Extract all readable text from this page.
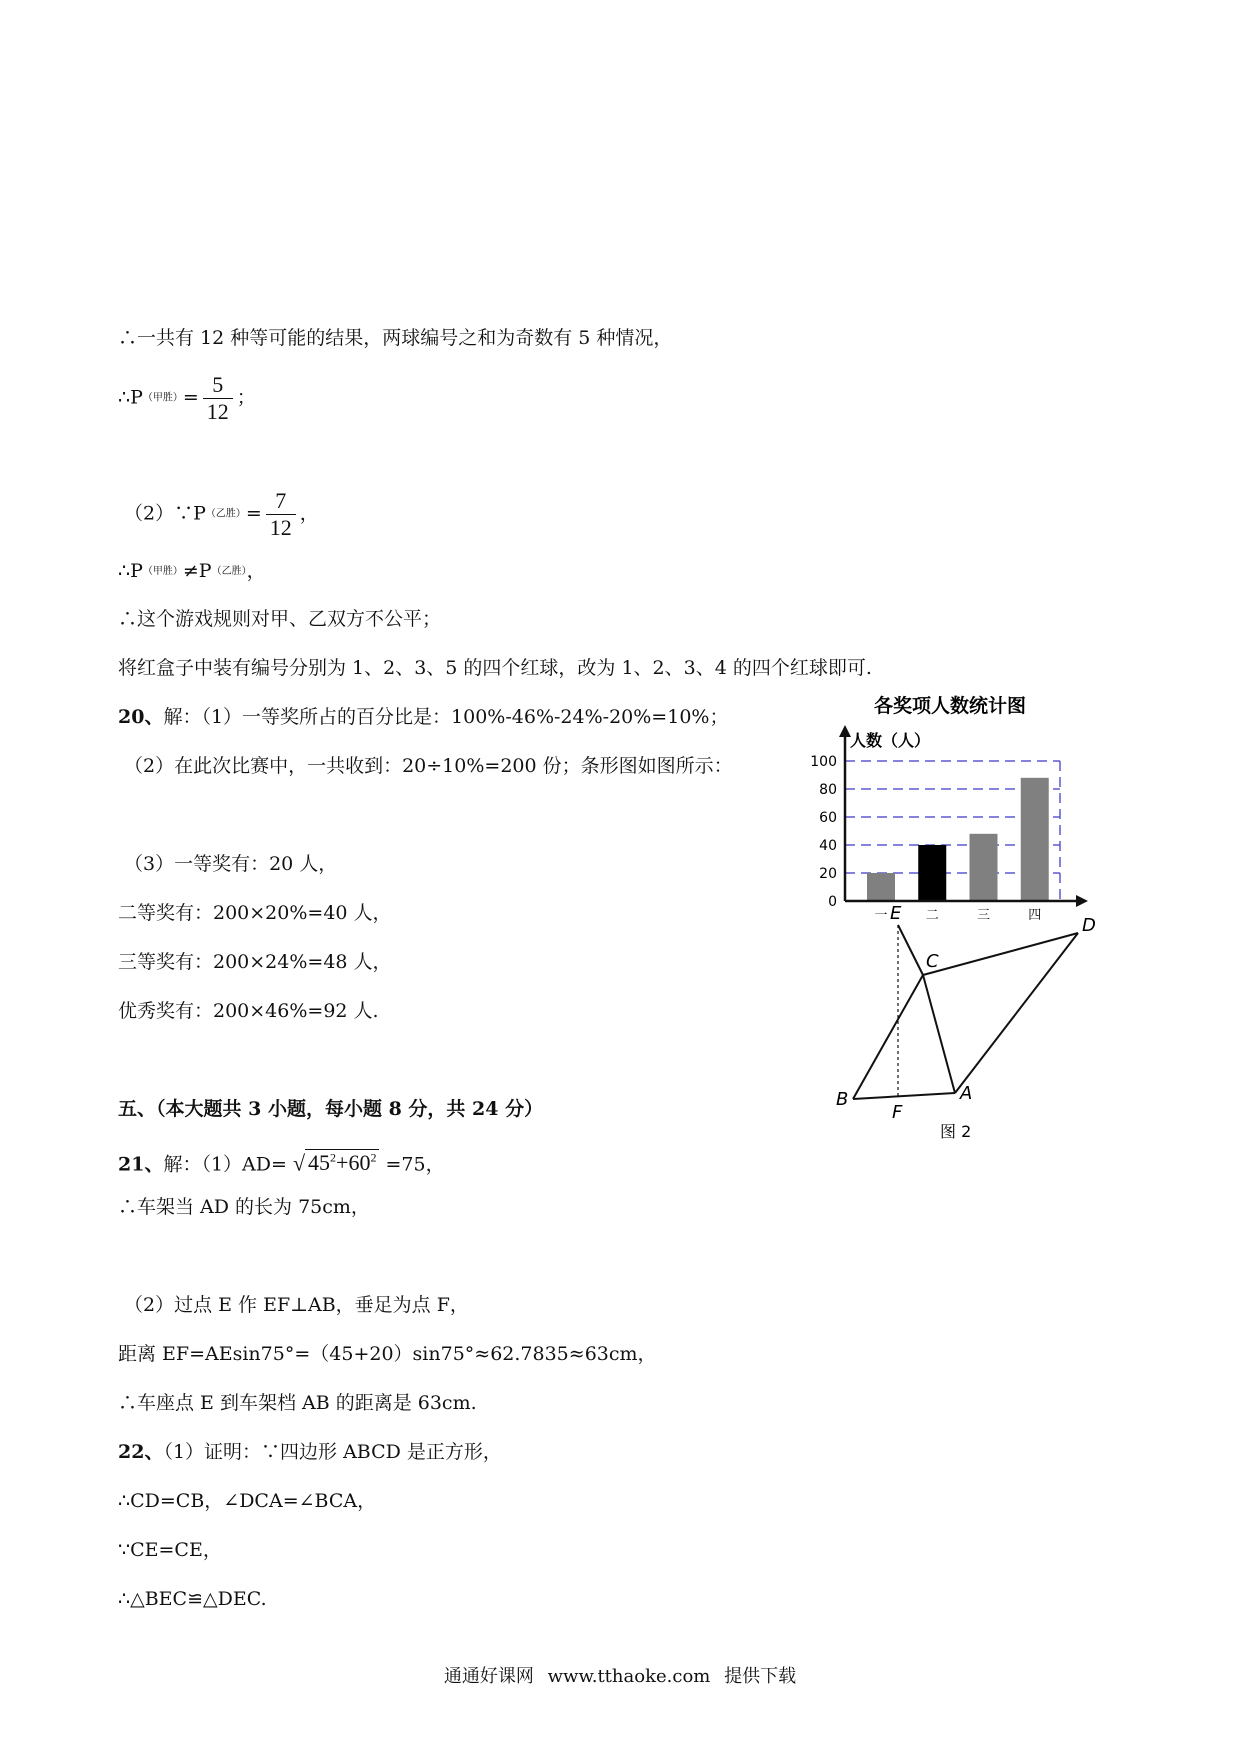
∴一共有 12 种等可能的结果，两球编号之和为奇数有 5 种情况，
∴P（甲胜）= $\frac{5}{12}$ ；
（2）∵P（乙胜）= $\frac{7}{12}$ ，
∴P（甲胜）≠P（乙胜），
∴这个游戏规则对甲、乙双方不公平；
将红盒子中装有编号分别为 1、2、3、5 的四个红球，改为 1、2、3、4 的四个红球即可.
20、解：（1）一等奖所占的百分比是：100%-46%-24%-20%=10%；
（2）在此次比赛中，一共收到：20÷10%=200 份；条形图如图所示：
（3）一等奖有：20 人，
二等奖有：200×20%=40 人，
三等奖有：200×24%=48 人，
优秀奖有：200×46%=92 人.
五、（本大题共 3 小题，每小题 8 分，共 24 分）
21、解：（1）AD= √ $45^2+60^2 =75$，
∴车架当 AD 的长为 75cm，
（2）过点 E 作 EF⊥AB，垂足为点 F，
距离 EF=AEsin75°=（45+20）sin75°≈62.7835≈63cm，
∴车座点 E 到车架档 AB 的距离是 63cm.
22、（1）证明：∵四边形 ABCD 是正方形，
∴CD=CB，∠DCA=∠BCA，
∵CE=CE，
∴△BEC≌△DEC.
各奖项人数统计图
人数（人）
0
20
40
60
80
100
一	二	三	四
E
C
D
B
F
A
图 2
通通好课网 www.tthaoke.com 提供下载
